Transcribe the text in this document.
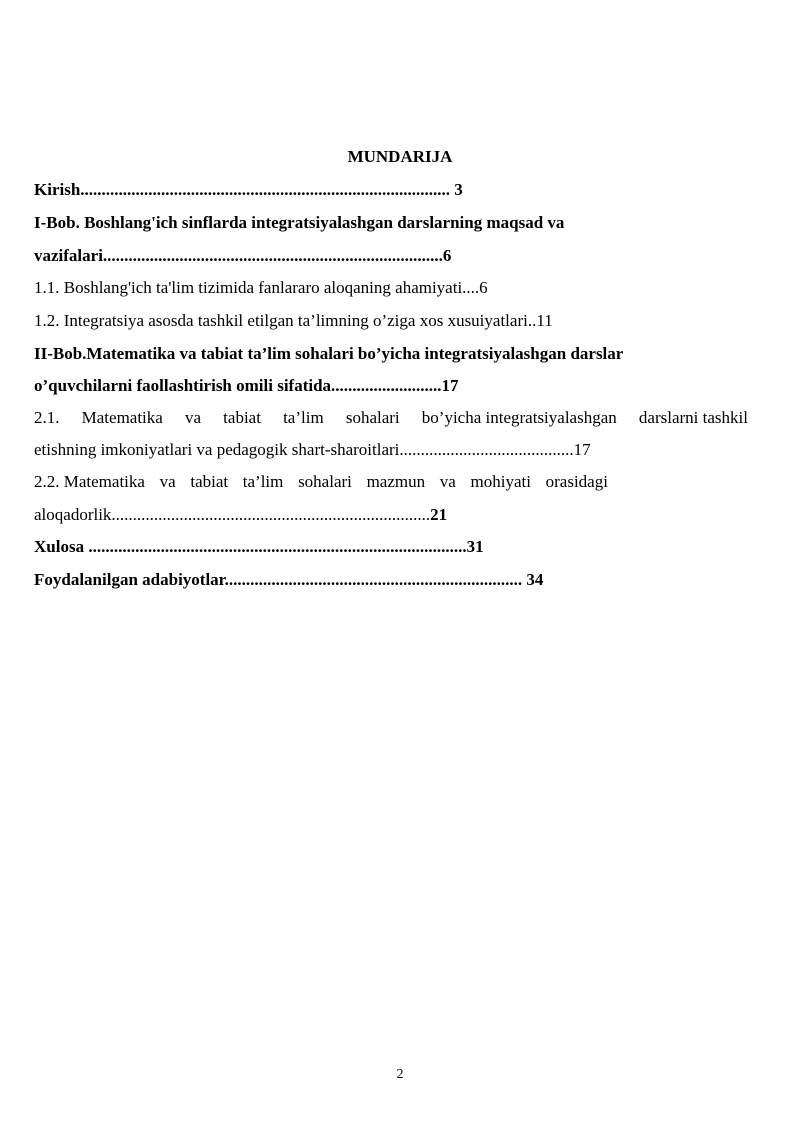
MUNDARIJA
Kirish....................................................................................... 3
I-Bob. Boshlang'ich sinflarda integratsiyalashgan darslarning maqsad va
vazifalari................................................................................6
1.1. Boshlang'ich ta'lim tizimida fanlararo aloqaning ahamiyati....6
1.2. Integratsiya asosda tashkil etilgan ta’limning o’ziga xos xusuiyatlari..11
II-Bob.Matematika va tabiat ta’lim sohalari bo’yicha integratsiyalashgan darslar
o’quvchilarni faollashtirish omili sifatida..........................17
2.1. Matematika va tabiat ta’lim sohalari bo’yicha integratsiyalashgan darslarni tashkil
etishning imkoniyatlari va pedagogik shart-sharoitlari.........................................17
2.2. Matematika va tabiat ta’lim sohalari mazmun va mohiyati orasidagi
aloqadorlik...........................................................................21
Xulosa .........................................................................................31
Foydalanilgan adabiyotlar...................................................................... 34
2
